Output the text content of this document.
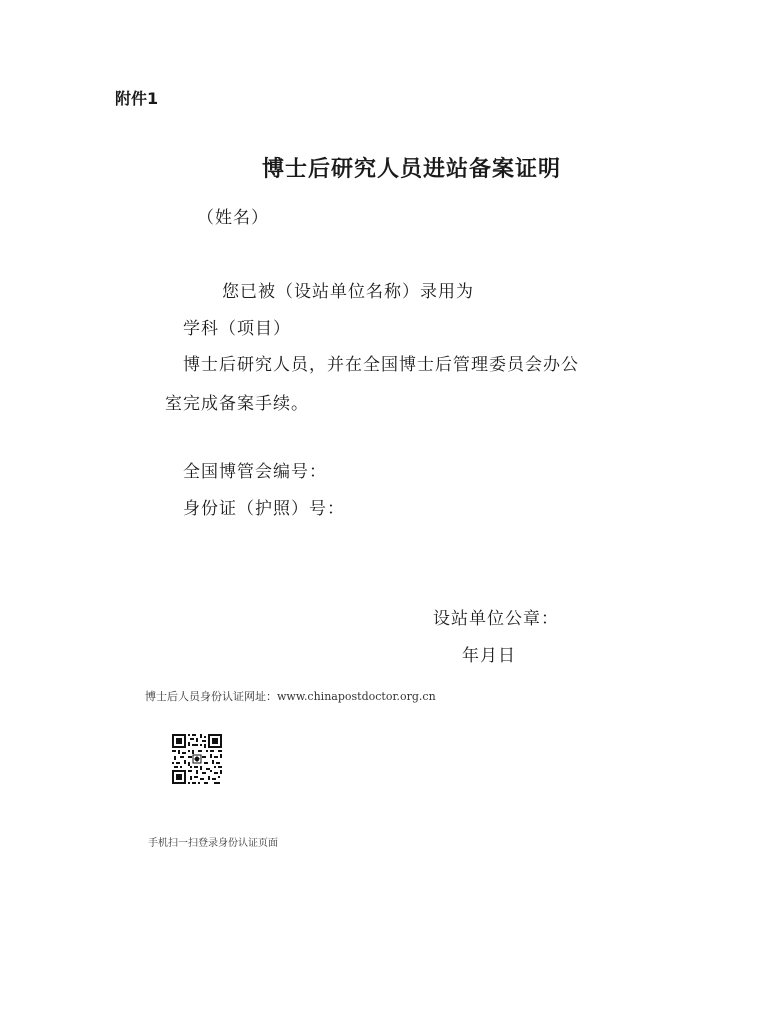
附件1
博士后研究人员进站备案证明
（姓名）
您已被（设站单位名称）录用为
学科（项目）
博士后研究人员，并在全国博士后管理委员会办公
室完成备案手续。
全国博管会编号：
身份证（护照）号：
设站单位公章：
年月日
博士后人员身份认证网址：www.chinapostdoctor.org.cn
手机扫一扫登录身份认证页面
